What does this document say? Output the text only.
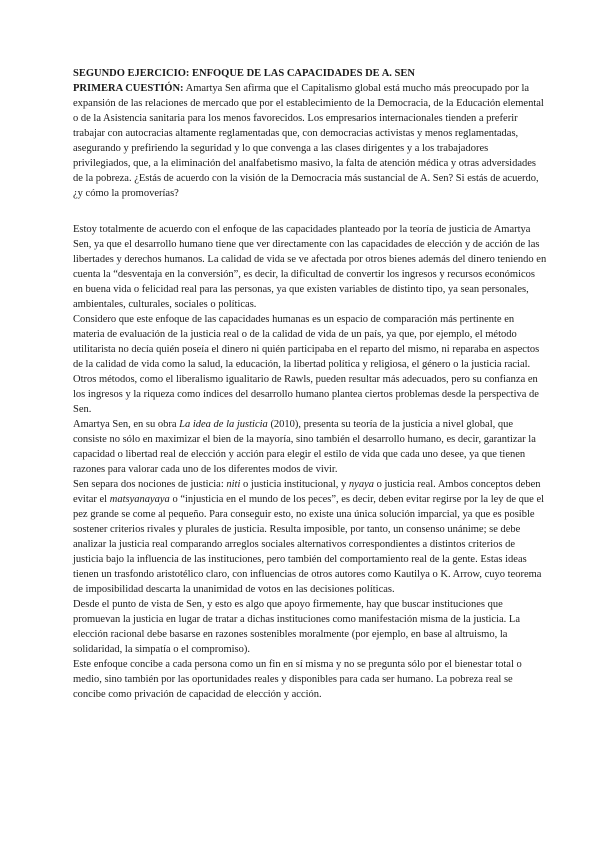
SEGUNDO EJERCICIO: ENFOQUE DE LAS CAPACIDADES DE A. SEN

PRIMERA CUESTIÓN: Amartya Sen afirma que el Capitalismo global está mucho más preocupado por la expansión de las relaciones de mercado que por el establecimiento de la Democracia, de la Educación elemental o de la Asistencia sanitaria para los menos favorecidos. Los empresarios internacionales tienden a preferir trabajar con autocracias altamente reglamentadas que, con democracias activistas y menos reglamentadas, asegurando y prefiriendo la seguridad y lo que convenga a las clases dirigentes y a los trabajadores privilegiados, que, a la eliminación del analfabetismo masivo, la falta de atención médica y otras adversidades de la pobreza. ¿Estás de acuerdo con la visión de la Democracia más sustancial de A. Sen? Si estás de acuerdo, ¿y cómo la promoverías?

Estoy totalmente de acuerdo con el enfoque de las capacidades planteado por la teoría de justicia de Amartya Sen, ya que el desarrollo humano tiene que ver directamente con las capacidades de elección y de acción de las libertades y derechos humanos. La calidad de vida se ve afectada por otros bienes además del dinero teniendo en cuenta la “desventaja en la conversión”, es decir, la dificultad de convertir los ingresos y recursos económicos en buena vida o felicidad real para las personas, ya que existen variables de distinto tipo, ya sean personales, ambientales, culturales, sociales o políticas.

Considero que este enfoque de las capacidades humanas es un espacio de comparación más pertinente en materia de evaluación de la justicia real o de la calidad de vida de un país, ya que, por ejemplo, el método utilitarista no decía quién poseía el dinero ni quién participaba en el reparto del mismo, ni reparaba en aspectos de la calidad de vida como la salud, la educación, la libertad política y religiosa, el género o la justicia racial. Otros métodos, como el liberalismo igualitario de Rawls, pueden resultar más adecuados, pero su confianza en los ingresos y la riqueza como índices del desarrollo humano plantea ciertos problemas desde la perspectiva de Sen.

Amartya Sen, en su obra La idea de la justicia (2010), presenta su teoría de la justicia a nivel global, que consiste no sólo en maximizar el bien de la mayoría, sino también el desarrollo humano, es decir, garantizar la capacidad o libertad real de elección y acción para elegir el estilo de vida que cada uno desee, ya que tienen razones para valorar cada uno de los diferentes modos de vivir.

Sen separa dos nociones de justicia: niti o justicia institucional, y nyaya o justicia real. Ambos conceptos deben evitar el matsyanayaya o “injusticia en el mundo de los peces”, es decir, deben evitar regirse por la ley de que el pez grande se come al pequeño. Para conseguir esto, no existe una única solución imparcial, ya que es posible sostener criterios rivales y plurales de justicia. Resulta imposible, por tanto, un consenso unánime; se debe analizar la justicia real comparando arreglos sociales alternativos correspondientes a distintos criterios de justicia bajo la influencia de las instituciones, pero también del comportamiento real de la gente. Estas ideas tienen un trasfondo aristotélico claro, con influencias de otros autores como Kautilya o K. Arrow, cuyo teorema de imposibilidad descarta la unanimidad de votos en las decisiones políticas.

Desde el punto de vista de Sen, y esto es algo que apoyo firmemente, hay que buscar instituciones que promuevan la justicia en lugar de tratar a dichas instituciones como manifestación misma de la justicia. La elección racional debe basarse en razones sostenibles moralmente (por ejemplo, en base al altruismo, la solidaridad, la simpatía o el compromiso).

Este enfoque concibe a cada persona como un fin en sí misma y no se pregunta sólo por el bienestar total o medio, sino también por las oportunidades reales y disponibles para cada ser humano. La pobreza real se concibe como privación de capacidad de elección y acción.
